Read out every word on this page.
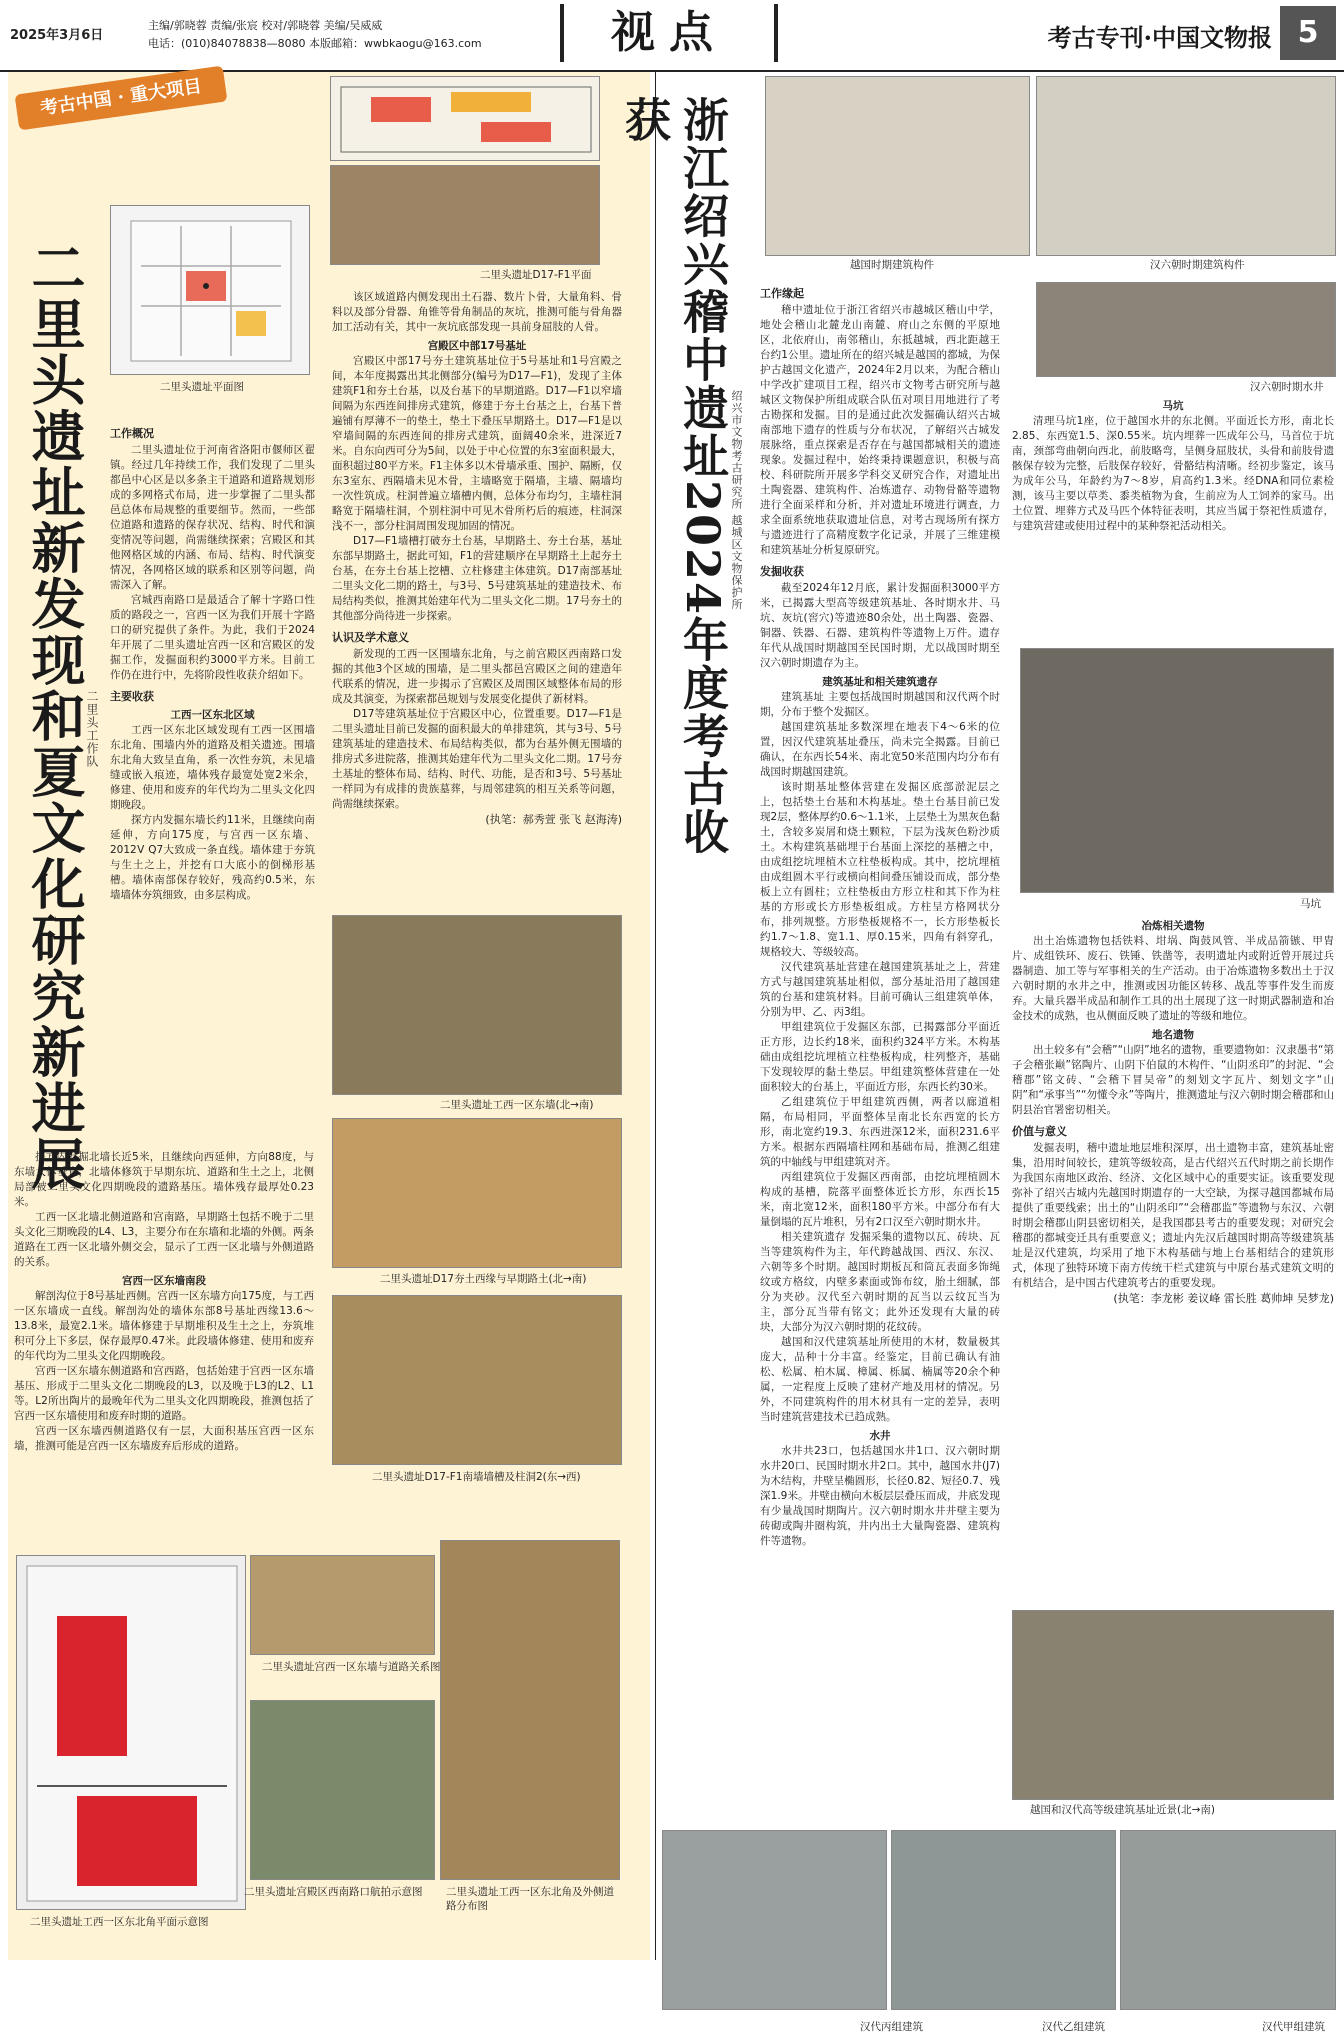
2025年3月6日
主编/郭晓蓉 责编/张宸 校对/郭晓蓉 美编/吴威威
电话：(010)84078838—8080 本版邮箱：wwbkaogu@163.com	视点	考古专刊·中国文物报 5
考古中国 · 重大项目
二里头遗址新发现和夏文化研究新进展
二里头工作队
二里头遗址平面图
二里头遗址D17-F1平面
工作概况

二里头遗址位于河南省洛阳市偃师区翟镇。经过几年持续工作，我们发现了二里头都邑中心区是以多条主干道路和道路规划形成的多网格式布局，进一步掌握了二里头都邑总体布局规整的重要细节。然而，一些部位道路和遗路的保存状况、结构、时代和演变情况等问题，尚需继续探索；宫殿区和其他网格区域的内涵、布局、结构、时代演变情况，各网格区域的联系和区别等问题，尚需深入了解。

宫城西南路口是最适合了解十字路口性质的路段之一，宫西一区为我们开展十字路口的研究提供了条件。为此，我们于2024年开展了二里头遗址宫西一区和宫殿区的发掘工作，发掘面积约3000平方米。目前工作仍在进行中，先将阶段性收获介绍如下。

主要收获
工西一区东北区域

工西一区东北区域发现有工西一区围墙东北角、围墙内外的道路及相关遗迹。围墙东北角大致呈直角，系一次性夯筑，未见墙缝或嵌入痕迹，墙体残存最宽处宽2米余，修建、使用和废弃的年代均为二里头文化四期晚段。

探方内发掘东墙长约11米，且继续向南延伸，方向175度，与宫西一区东墙、2012Ⅴ Q7大致成一条直线。墙体建于夯筑与生土之上，并挖有口大底小的倒梯形基槽。墙体南部保存较好，残高约0.5米，东墙墙体夯筑细致，由多层构成。

探方内发掘北墙长近5米，且继续向西延伸，方向88度，与东墙大体垂直，北墙体修筑于早期东坑、道路和生土之上，北侧局部被二里头文化四期晚段的遗路基压。墙体残存最厚处0.23米。

工西一区北墙北侧道路和宫南路，早期路土包括不晚于二里头文化三期晚段的L4、L3，主要分布在东墙和北墙的外侧。两条道路在工西一区北墙外侧交会，显示了工西一区北墙与外侧道路的关系。

宫西一区东墙南段

解剖沟位于8号基址西侧。宫西一区东墙方向175度，与工西一区东墙成一直线。解剖沟处的墙体东部8号基址西缘13.6～13.8米，最宽2.1米。墙体修建于早期堆积及生土之上，夯筑堆积可分上下多层，保存最厚0.47米。此段墙体修建、使用和废弃的年代均为二里头文化四期晚段。

宫西一区东墙东侧道路和宫西路，包括始建于宫西一区东墙基压、形成于二里头文化二期晚段的L3，以及晚于L3的L2、L1等。L2所出陶片的最晚年代为二里头文化四期晚段，推测包括了宫西一区东墙使用和废弃时期的道路。

宫西一区东墙西侧道路仅有一层，大面积基压宫西一区东墙，推测可能是宫西一区东墙废弃后形成的道路。

该区域道路内侧发现出土石器、数片卜骨，大量角料、骨料以及部分骨器、角锥等骨角制品的灰坑，推测可能与骨角器加工活动有关，其中一灰坑底部发现一具前身屈肢的人骨。

宫殿区中部17号基址

宫殿区中部17号夯土建筑基址位于5号基址和1号宫殿之间，本年度揭露出其北侧部分(编号为D17—F1)，发现了主体建筑F1和夯土台基，以及台基下的早期道路。D17—F1以窄墙间隔为东西连间排房式建筑，修建于夯土台基之上，台基下普遍铺有厚薄不一的垫土，垫土下叠压早期路土。D17—F1是以窄墙间隔的东西连间的排房式建筑，面阔40余米，进深近7米。自东向西可分为5间，以处于中心位置的东3室面积最大，面积超过80平方米。F1主体多以木骨墙承重、围护、隔断，仅东3室东、西隔墙未见木骨，主墙略宽于隔墙，主墙、隔墙均一次性筑成。柱洞普遍立墙槽内侧，总体分布均匀，主墙柱洞略宽于隔墙柱洞，个别柱洞中可见木骨所朽后的痕迹，柱洞深浅不一，部分柱洞周围发现加固的情况。

D17—F1墙槽打破夯土台基，早期路土、夯土台基，基址东部早期路土，据此可知，F1的营建顺序在早期路土上起夯土台基，在夯土台基上挖槽、立柱修建主体建筑。D17南部基址二里头文化二期的路土，与3号、5号建筑基址的建造技术、布局结构类似，推测其始建年代为二里头文化二期。17号夯土的其他部分尚待进一步探索。

认识及学术意义

新发现的工西一区围墙东北角，与之前宫殿区西南路口发掘的其他3个区域的围墙，是二里头都邑宫殿区之间的建造年代联系的情况，进一步揭示了宫殿区及周围区域整体布局的形成及其演变，为探索都邑规划与发展变化提供了新材料。

D17等建筑基址位于宫殿区中心，位置重要。D17—F1是二里头遗址目前已发掘的面积最大的单排建筑，其与3号、5号建筑基址的建造技术、布局结构类似，都为台基外侧无围墙的排房式多进院落，推测其始建年代为二里头文化二期。17号夯土基址的整体布局、结构、时代、功能，是否和3号、5号基址一样同为有成排的贵族墓葬，与周邻建筑的相互关系等问题，尚需继续探索。

(执笔：郝秀萱 张飞 赵海涛)
二里头遗址工西一区东墙(北→南)
二里头遗址D17夯土西缘与早期路土(北→南)
二里头遗址D17-F1南墙墙槽及柱洞2(东→西)
二里头遗址工西一区东北角平面示意图
二里头遗址宫西一区东墙与道路关系图
二里头遗址宫殿区西南路口航拍示意图	二里头遗址工西一区东北角及外侧道路分布图
浙江绍兴稽中遗址2024年度考古收获
绍兴市文物考古研究所 越城区文物保护所
越国时期建筑构件	汉六朝时期建筑构件
工作缘起

稽中遗址位于浙江省绍兴市越城区稽山中学，地处会稽山北麓龙山南麓、府山之东侧的平原地区，北依府山，南邻稽山，东抵越城，西北距越王台约1公里。遗址所在的绍兴城是越国的都城，为保护古越国文化遗产，2024年2月以来，为配合稽山中学改扩建项目工程，绍兴市文物考古研究所与越城区文物保护所组成联合队伍对项目用地进行了考古勘探和发掘。目的是通过此次发掘确认绍兴古城南部地下遗存的性质与分布状况，了解绍兴古城发展脉络，重点探索是否存在与越国都城相关的遗迹现象。发掘过程中，始终秉持课题意识，积极与高校、科研院所开展多学科交叉研究合作，对遗址出土陶瓷器、建筑构件、冶炼遗存、动物骨骼等遗物进行全面采样和分析，并对遗址环境进行调查，力求全面系统地获取遗址信息，对考古现场所有探方与遗迹进行了高精度数字化记录，并展了三维建模和建筑基址分析复原研究。

发掘收获

截至2024年12月底，累计发掘面积3000平方米，已揭露大型高等级建筑基址、各时期水井、马坑、灰坑(窖穴)等遗迹80余处，出土陶器、瓷器、铜器、铁器、石器、建筑构件等遗物上万件。遗存年代从战国时期越国至民国时期，尤以战国时期至汉六朝时期遗存为主。

建筑基址和相关建筑遗存

建筑基址 主要包括战国时期越国和汉代两个时期，分布于整个发掘区。

越国建筑基址多数深埋在地表下4～6米的位置，因汉代建筑基址叠压，尚未完全揭露。目前已确认，在东西长54米、南北宽50米范围内均分布有战国时期越国建筑。

该时期基址整体营建在发掘区底部淤泥层之上，包括垫土台基和木构基址。垫土台基目前已发现2层，整体厚约0.6～1.1米，上层垫土为黑灰色黏土，含较多炭屑和烧土颗粒，下层为浅灰色粉沙质土。木构建筑基础埋于台基面上深挖的基槽之中，由成组挖坑埋植木立柱垫板构成。其中，挖坑埋植由成组圆木平行或横向相间叠压铺设而成，部分垫板上立有圆柱；立柱垫板由方形立柱和其下作为柱基的方形或长方形垫板组成。方柱呈方格网状分布，排列规整。方形垫板规格不一，长方形垫板长约1.7～1.8、宽1.1、厚0.15米，四角有斜穿孔，规格较大、等级较高。

汉代建筑基址营建在越国建筑基址之上，营建方式与越国建筑基址相似，部分基址沿用了越国建筑的台基和建筑材料。目前可确认三组建筑单体，分别为甲、乙、丙3组。

甲组建筑位于发掘区东部，已揭露部分平面近正方形，边长约18米，面积约324平方米。木构基础由成组挖坑埋植立柱垫板构成，柱列整齐，基础下发现较厚的黏土垫层。甲组建筑整体营建在一处面积较大的台基上，平面近方形，东西长约30米。

乙组建筑位于甲组建筑西侧，两者以廊道相隔，布局相同，平面整体呈南北长东西宽的长方形，南北宽约19.3、东西进深12米，面积231.6平方米。根据东西隔墙柱网和基础布局，推测乙组建筑的中轴线与甲组建筑对齐。

丙组建筑位于发掘区西南部，由挖坑埋植圆木构成的基槽，院落平面整体近长方形，东西长15米，南北宽12米，面积180平方米。中部分布有大量倒塌的瓦片堆积，另有2口汉至六朝时期水井。

相关建筑遗存 发掘采集的遗物以瓦、砖块、瓦当等建筑构件为主，年代跨越战国、西汉、东汉、六朝等多个时期。越国时期板瓦和筒瓦表面多饰绳纹或方格纹，内壁多素面或饰布纹，胎土细腻，部分为夹砂。汉代至六朝时期的瓦当以云纹瓦当为主，部分瓦当带有铭文；此外还发现有大量的砖块，大部分为汉六朝时期的花纹砖。

越国和汉代建筑基址所使用的木材，数量极其庞大，品种十分丰富。经鉴定，目前已确认有油松、松属、柏木属、樟属、栎属、楠属等20余个种属，一定程度上反映了建材产地及用材的情况。另外，不同建筑构件的用木材具有一定的差异，表明当时建筑营建技术已趋成熟。

水井

水井共23口，包括越国水井1口、汉六朝时期水井20口、民国时期水井2口。其中，越国水井(J7)为木结构，井壁呈椭圆形，长径0.82、短径0.7、残深1.9米。井壁由横向木板层层叠压而成，井底发现有少量战国时期陶片。汉六朝时期水井井壁主要为砖砌或陶井圈构筑，井内出土大量陶瓷器、建筑构件等遗物。

汉六朝时期水井
马坑

清理马坑1座，位于越国水井的东北侧。平面近长方形，南北长2.85、东西宽1.5、深0.55米。坑内埋葬一匹成年公马，马首位于坑南，颈部弯曲朝向西北，前肢略弯，呈侧身屈肢状，头骨和前肢骨遗骸保存较为完整，后肢保存较好，骨骼结构清晰。经初步鉴定，该马为成年公马，年龄约为7～8岁，肩高约1.3米。经DNA和同位素检测，该马主要以草类、黍类植物为食，生前应为人工饲养的家马。出土位置、埋葬方式及马匹个体特征表明，其应当属于祭祀性质遗存，与建筑营建或使用过程中的某种祭祀活动相关。

马坑
冶炼相关遗物

出土冶炼遗物包括铁料、坩埚、陶鼓风管、半成品箭镞、甲胄片、成组铁环、废石、铁锤、铁凿等，表明遗址内或附近曾开展过兵器制造、加工等与军事相关的生产活动。由于冶炼遗物多数出土于汉六朝时期的水井之中，推测或因功能区转移、战乱等事件发生而废弃。大量兵器半成品和制作工具的出土展现了这一时期武器制造和冶金技术的成熟，也从侧面反映了遗址的等级和地位。

地名遗物

出土较多有“会稽”“山阴”地名的遗物，重要遗物如：汉隶墨书“第子会稽张巅”铭陶片、山阴下伯鼠的木构件、“山阴丞印”的封泥、“会稽郡”铭文砖、“会稽下冒吴帝”的刻划文字瓦片、刻划文字“山阴”和“承事当”“勿懂令永”等陶片，推测遗址与汉六朝时期会稽郡和山阴县治官署密切相关。

价值与意义

发掘表明，稽中遗址地层堆积深厚，出土遗物丰富，建筑基址密集，沿用时间较长，建筑等级较高，是古代绍兴五代时期之前长期作为我国东南地区政治、经济、文化区域中心的重要实证。该重要发现弥补了绍兴古城内先越国时期遗存的一大空缺，为探寻越国都城布局提供了重要线索；出土的“山阴丞印”“会稽郡监”等遗物与东汉、六朝时期会稽郡山阴县密切相关，是我国郡县考古的重要发现；对研究会稽郡的都城变迁具有重要意义；遗址内先汉后越国时期高等级建筑基址是汉代建筑，均采用了地下木构基础与地上台基相结合的建筑形式，体现了独特环境下南方传统干栏式建筑与中原台基式建筑文明的有机结合，是中国古代建筑考古的重要发现。

(执笔：李龙彬 姜议峰 雷长胜 葛帅坤 吴梦龙)
越国和汉代高等级建筑基址近景(北→南)
汉代丙组建筑	汉代乙组建筑	汉代甲组建筑
